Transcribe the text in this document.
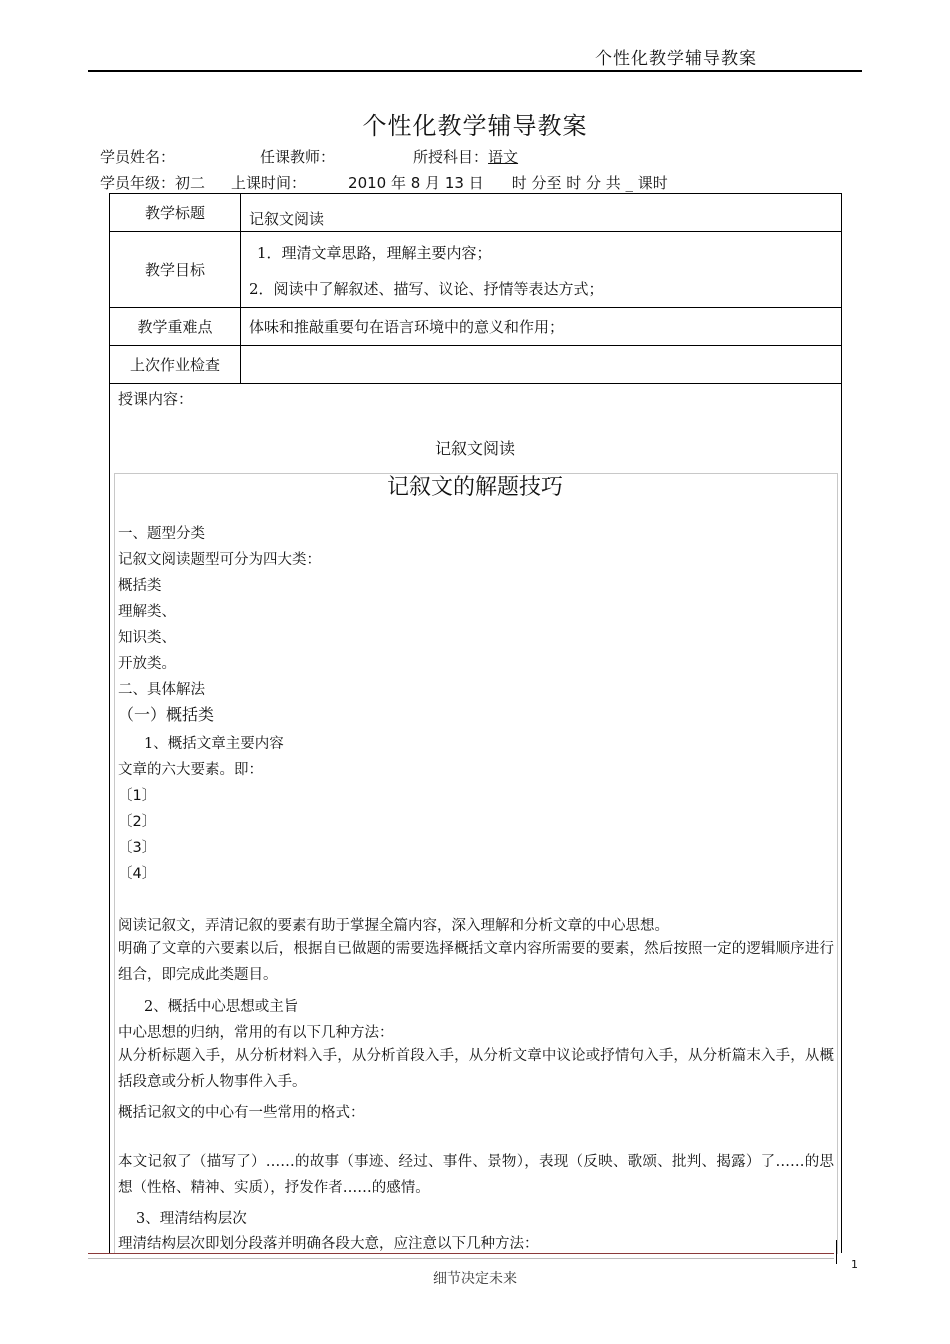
个性化教学辅导教案
个性化教学辅导教案
学员姓名：	任课教师：	所授科目：语文
学员年级：初二 上课时间：	2010 年 8 月 13 日 时 分至 时 分 共 _ 课时
教学标题	记叙文阅读
教学目标	1．理清文章思路，理解主要内容；
2．阅读中了解叙述、描写、议论、抒情等表达方式；

教学重难点	体味和推敲重要句在语言环境中的意义和作用；
上次作业检查	
授课内容：
记叙文阅读
记叙文的解题技巧
一、题型分类
记叙文阅读题型可分为四大类：
概括类
理解类、
知识类、
开放类。
二、具体解法
（一）概括类
1、概括文章主要内容
文章的六大要素。即：
〔1〕
〔2〕
〔3〕
〔4〕
阅读记叙文，弄清记叙的要素有助于掌握全篇内容，深入理解和分析文章的中心思想。
明确了文章的六要素以后，根据自已做题的需要选择概括文章内容所需要的要素，然后按照一定的逻辑顺序进行组合，即完成此类题目。
2、概括中心思想或主旨
中心思想的归纳，常用的有以下几种方法：
从分析标题入手，从分析材料入手，从分析首段入手，从分析文章中议论或抒情句入手，从分析篇末入手，从概括段意或分析人物事件入手。
概括记叙文的中心有一些常用的格式：
本文记叙了（描写了）……的故事（事迹、经过、事件、景物），表现（反映、歌颂、批判、揭露）了……的思想（性格、精神、实质），抒发作者……的感情。
3、理清结构层次
理清结构层次即划分段落并明确各段大意，应注意以下几种方法：
细节决定未来
1
